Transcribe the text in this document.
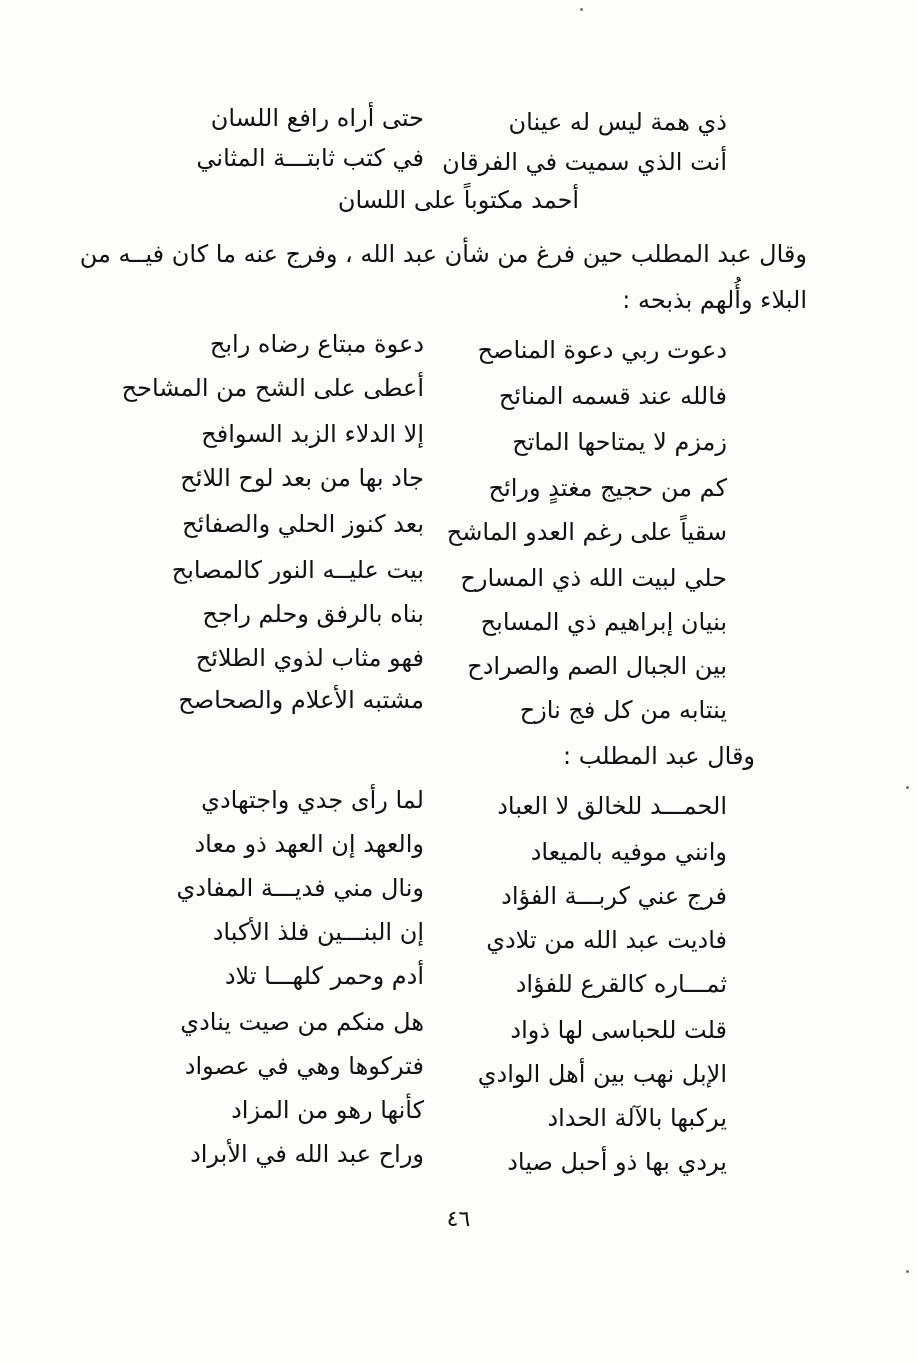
ذي همة ليس له عينان
حتى أراه رافع اللسان
أنت الذي سميت في الفرقان
في كتب ثابتـــة المثاني
أحمد مكتوباً على اللسان
وقال عبد المطلب حين فرغ من شأن عبد الله ، وفرج عنه ما كان فيــه من
البلاء وأُلهم بذبحه :
دعوت ربي دعوة المناصح
دعوة مبتاع رضاه رابح
فالله عند قسمه المنائح
أعطى على الشح من المشاحح
زمزم لا يمتاحها الماتح
إلا الدلاء الزبد السوافح
كم من حجيج مغتدٍ ورائح
جاد بها من بعد لوح اللائح
سقياً على رغم العدو الماشح
بعد كنوز الحلي والصفائح
حلي لبيت الله ذي المسارح
بيت عليــه النور كالمصابح
بنيان إبراهيم ذي المسابح
بناه بالرفق وحلم راجح
بين الجبال الصم والصرادح
فهو مثاب لذوي الطلائح
ينتابه من كل فج نازح
مشتبه الأعلام والصحاصح
وقال عبد المطلب :
الحمـــد للخالق لا العباد
لما رأى جدي واجتهادي
وانني موفيه بالميعاد
والعهد إن العهد ذو معاد
فرج عني كربـــة الفؤاد
ونال مني فديـــة المفادي
فاديت عبد الله من تلادي
إن البنـــين فلذ الأكباد
ثمـــاره كالقرع للفؤاد
أدم وحمر كلهـــا تلاد
قلت للحباسى لها ذواد
هل منكم من صيت ينادي
الإبل نهب بين أهل الوادي
فتركوها وهي في عصواد
يركبها بالآلة الحداد
كأنها رهو من المزاد
يردي بها ذو أحبل صياد
وراح عبد الله في الأبراد
٤٦
